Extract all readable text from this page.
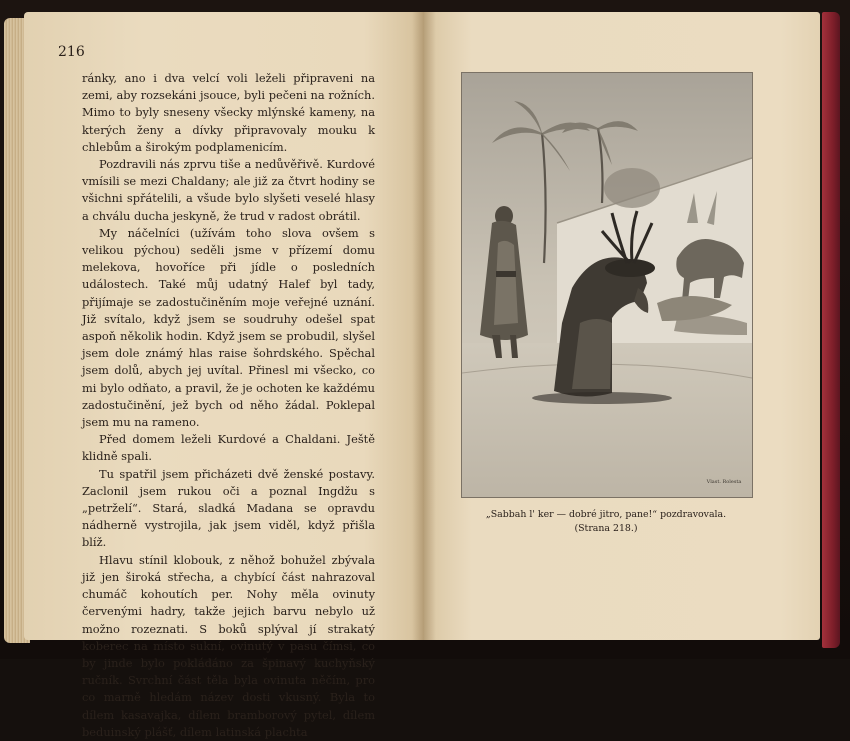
216

ránky, ano i dva velcí voli leželi připraveni na zemi, aby rozsekáni jsouce, byli pečeni na rožních. Mimo to byly sneseny všecky mlýnské kameny, na kterých ženy a dívky připravovaly mouku k chlebům a širokým podplamenicím.

Pozdravili nás zprvu tiše a nedůvěřivě. Kurdové vmísili se mezi Chaldany; ale již za čtvrt hodiny se všichni spřátelili, a všude bylo slyšeti veselé hlasy a chválu ducha jeskyně, že trud v radost obrátil.

My náčelníci (užívám toho slova ovšem s velikou pýchou) seděli jsme v přízemí domu melekova, hovoříce při jídle o posledních událostech. Také můj udatný Halef byl tady, přijímaje se zadostučiněním moje veřejné uznání. Již svítalo, když jsem se soudruhy odešel spat aspoň několik hodin. Když jsem se probudil, slyšel jsem dole známý hlas raise šohrdského. Spěchal jsem dolů, abych jej uvítal. Přinesl mi všecko, co mi bylo odňato, a pravil, že je ochoten ke každému zadostučinění, jež bych od něho žádal. Poklepal jsem mu na rameno.

Před domem leželi Kurdové a Chaldani. Ještě klidně spali.

Tu spatřil jsem přicházeti dvě ženské postavy. Zaclonil jsem rukou oči a poznal Ingdžu s „petrželí“. Stará, sladká Madana se opravdu nádherně vystrojila, jak jsem viděl, když přišla blíž.

Hlavu stínil klobouk, z něhož bohužel zbývala již jen široká střecha, a chybící část nahrazoval chumáč kohoutích per. Nohy měla ovinuty červenými hadry, takže jejich barvu nebylo už možno rozeznati. S boků splýval jí strakatý koberec na místo sukní, ovinutý v pasu čímsi, co by jinde bylo pokládáno za špinavý kuchyňský ručník. Svrchní část těla byla ovinuta něčím, pro co marně hledám název dosti vkusný. Byla to dílem kasavajka, dílem bramborový pytel, dílem beduinský plášť, dílem latinská plachta

Vlast. Rolesta
„Sabbah l' ker — dobré jitro, pane!“ pozdravovala.
(Strana 218.)
